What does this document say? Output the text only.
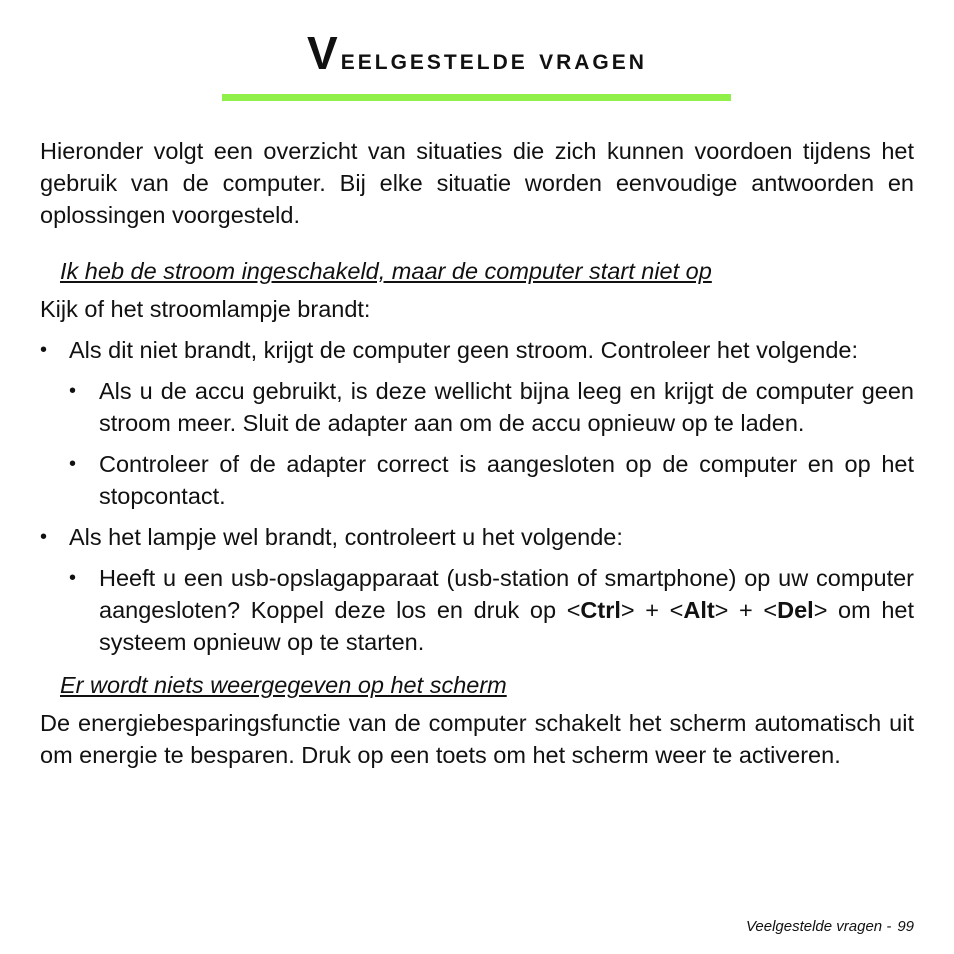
Veelgestelde vragen

Hieronder volgt een overzicht van situaties die zich kunnen voordoen tijdens het gebruik van de computer. Bij elke situatie worden eenvoudige antwoorden en oplossingen voorgesteld.

Ik heb de stroom ingeschakeld, maar de computer start niet op

Kijk of het stroomlampje brandt:

• Als dit niet brandt, krijgt de computer geen stroom. Controleer het volgende:
• Als u de accu gebruikt, is deze wellicht bijna leeg en krijgt de computer geen stroom meer. Sluit de adapter aan om de accu opnieuw op te laden.
• Controleer of de adapter correct is aangesloten op de computer en op het stopcontact.
• Als het lampje wel brandt, controleert u het volgende:
• Heeft u een usb-opslagapparaat (usb-station of smartphone) op uw computer aangesloten? Koppel deze los en druk op <Ctrl> + <Alt> + <Del> om het systeem opnieuw op te starten.

Er wordt niets weergegeven op het scherm

De energiebesparingsfunctie van de computer schakelt het scherm automatisch uit om energie te besparen. Druk op een toets om het scherm weer te activeren.

Veelgestelde vragen - 99
